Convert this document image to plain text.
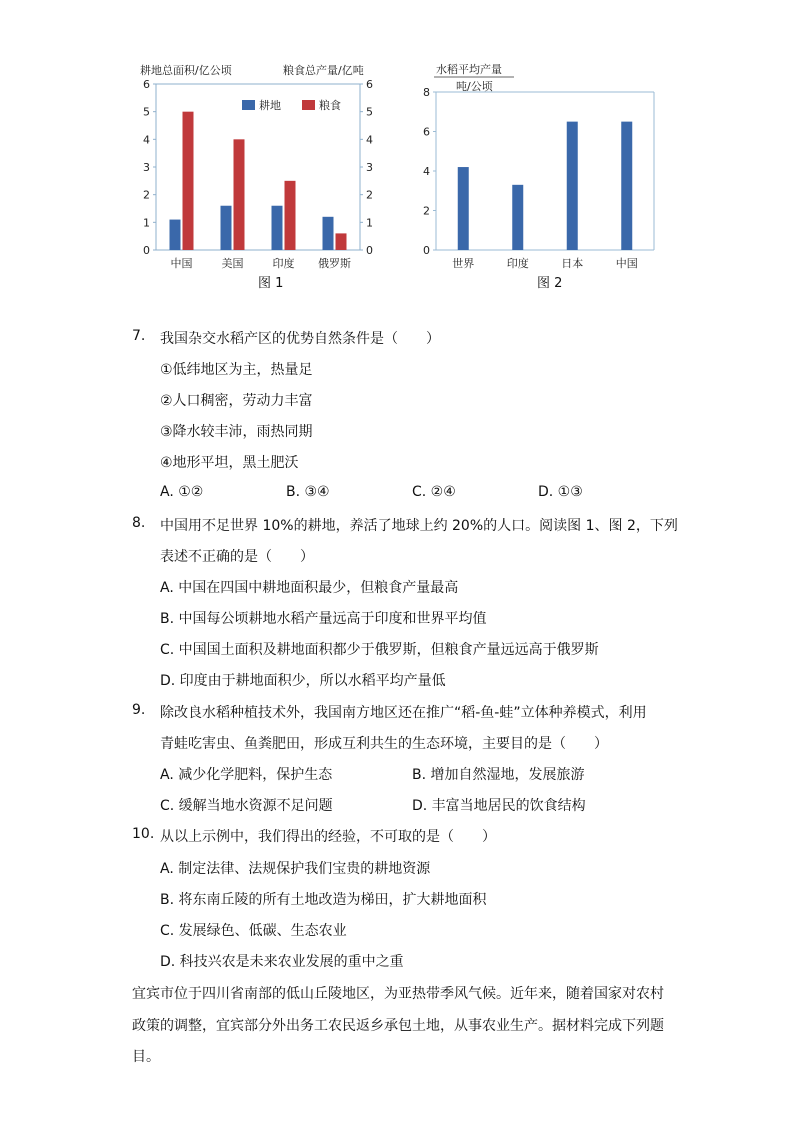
耕地总面积/亿公顷	粮食总产量/亿吨
0	0
1	1
2	2
3	3
4	4
5	5
6	6
中国	美国	印度 俄罗斯
耕地	粮食
图 1
水稻平均产量
吨/公顷
0
2
4
6
8
世界	印度	日本	中国
图 2
7. 我国杂交水稻产区的优势自然条件是（　　）
①低纬地区为主，热量足
②人口稠密，劳动力丰富
③降水较丰沛，雨热同期
④地形平坦，黑土肥沃
A. ①②	B. ③④	C. ②④	D. ①③
8. 中国用不足世界 10%的耕地，养活了地球上约 20%的人口。阅读图 1、图 2，下列
表述不正确的是（　　）
A. 中国在四国中耕地面积最少，但粮食产量最高
B. 中国每公顷耕地水稻产量远高于印度和世界平均值
C. 中国国土面积及耕地面积都少于俄罗斯，但粮食产量远远高于俄罗斯
D. 印度由于耕地面积少，所以水稻平均产量低
9. 除改良水稻种植技术外，我国南方地区还在推广“稻-鱼-蛙”立体种养模式，利用
青蛙吃害虫、鱼粪肥田，形成互利共生的生态环境，主要目的是（　　）
A. 减少化学肥料，保护生态	B. 增加自然湿地，发展旅游
C. 缓解当地水资源不足问题	D. 丰富当地居民的饮食结构
10. 从以上示例中，我们得出的经验，不可取的是（　　）
A. 制定法律、法规保护我们宝贵的耕地资源
B. 将东南丘陵的所有土地改造为梯田，扩大耕地面积
C. 发展绿色、低碳、生态农业
D. 科技兴农是未来农业发展的重中之重
宜宾市位于四川省南部的低山丘陵地区，为亚热带季风气候。近年来，随着国家对农村
政策的调整，宜宾部分外出务工农民返乡承包土地，从事农业生产。据材料完成下列题
目。
